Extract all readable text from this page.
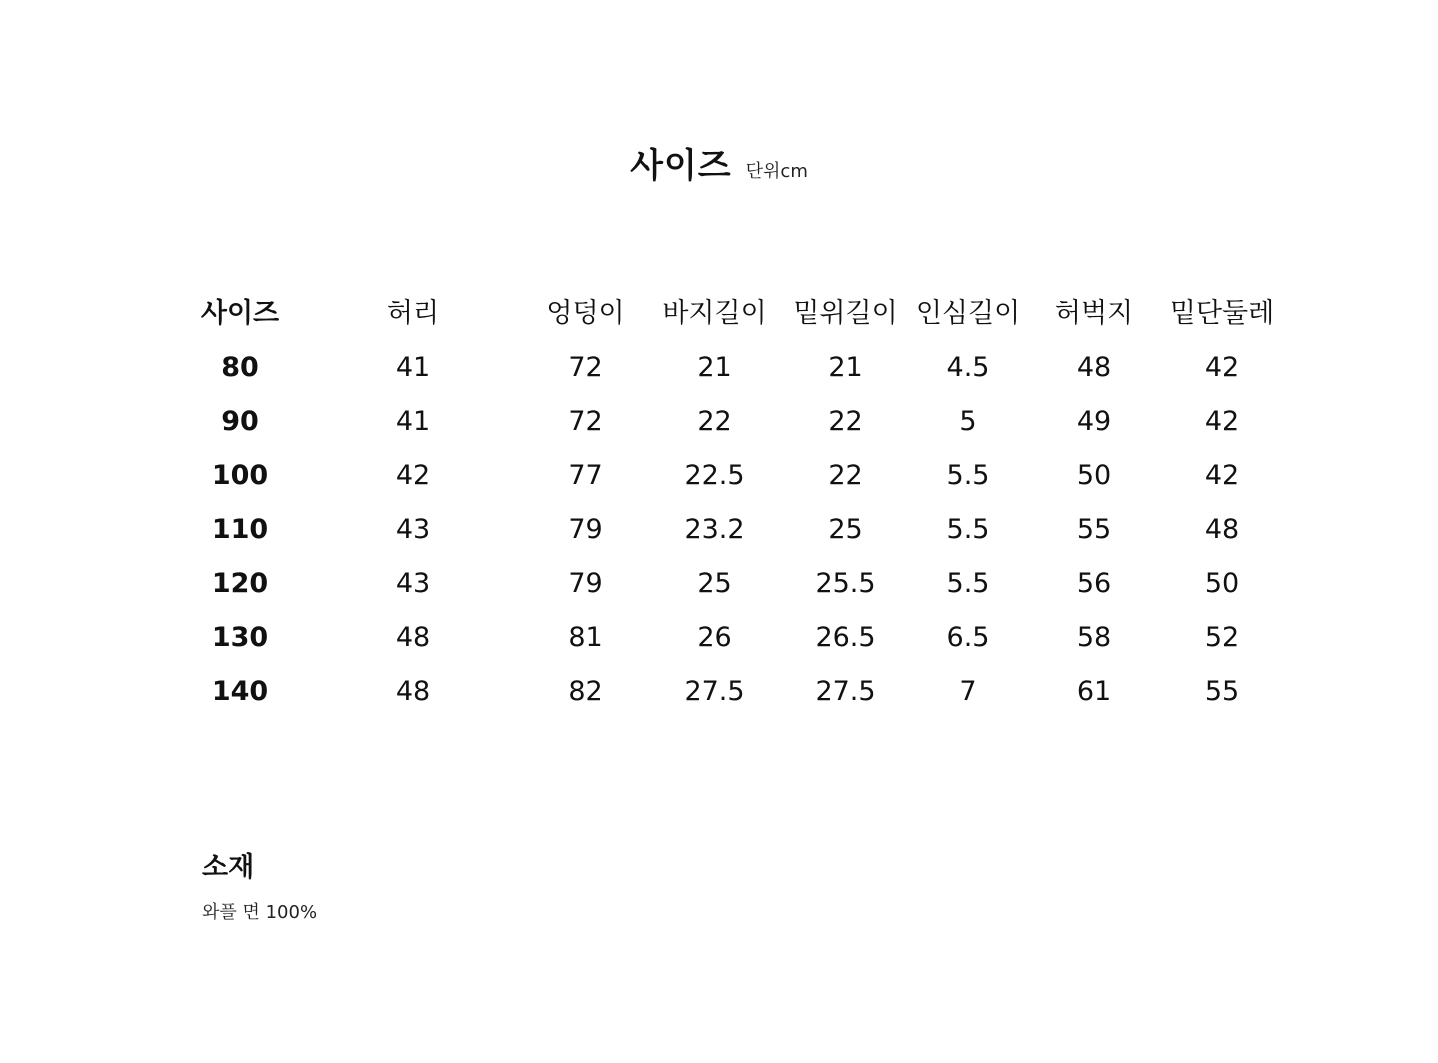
사이즈 단위cm
사이즈	허리	엉덩이	바지길이	밑위길이	인심길이	허벅지	밑단둘레
80	41	72	21	21	4.5	48	42
90	41	72	22	22	5	49	42
100	42	77	22.5	22	5.5	50	42
110	43	79	23.2	25	5.5	55	48
120	43	79	25	25.5	5.5	56	50
130	48	81	26	26.5	6.5	58	52
140	48	82	27.5	27.5	7	61	55
소재
와플 면 100%
